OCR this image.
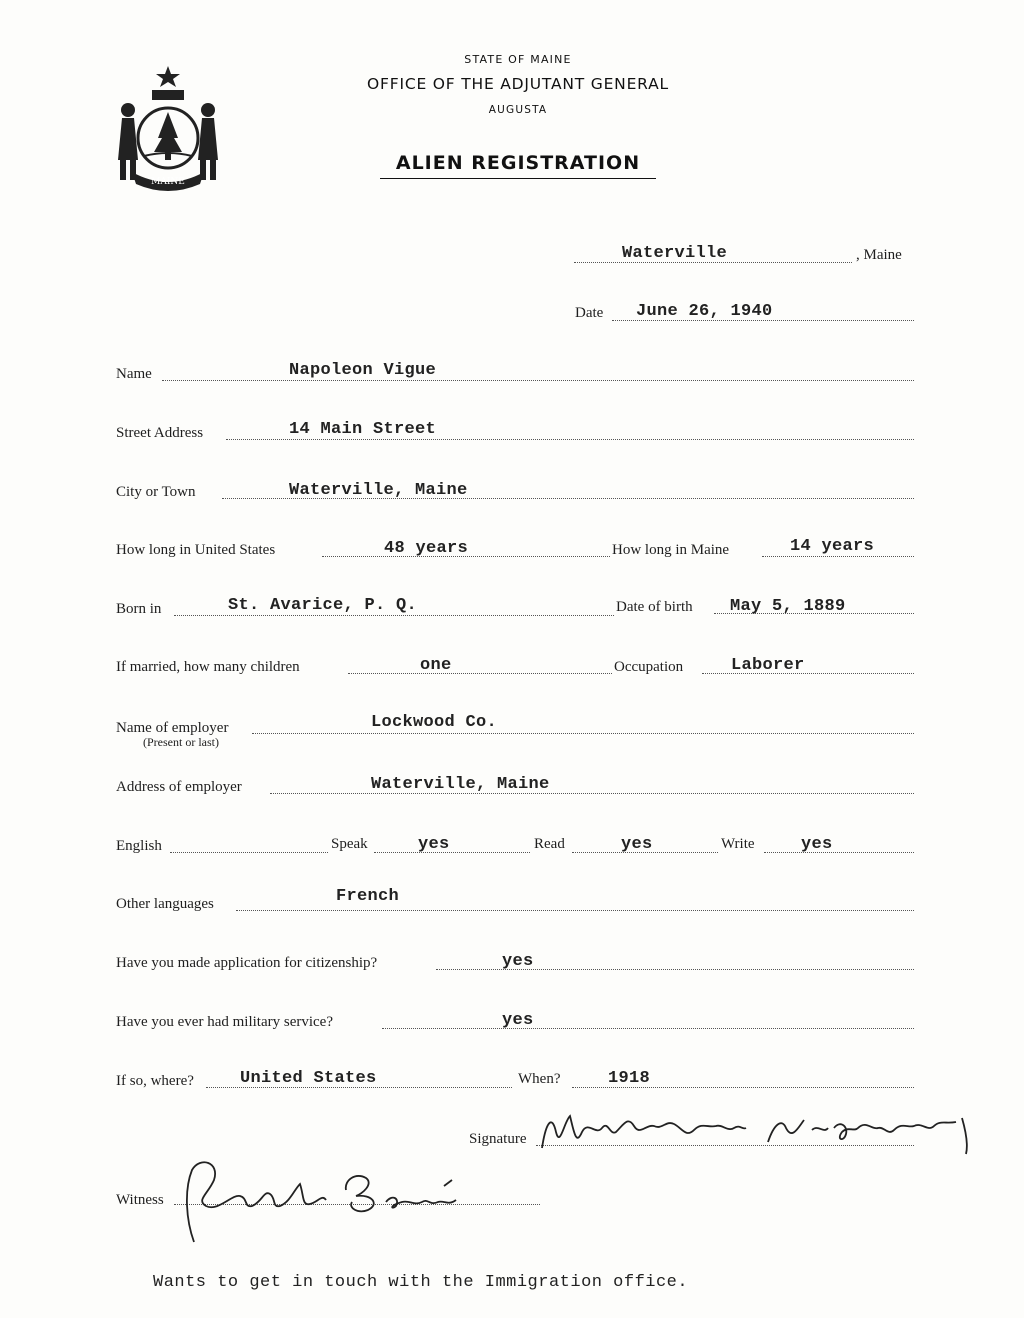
MAINE
STATE OF MAINE
OFFICE OF THE ADJUTANT GENERAL
AUGUSTA
ALIEN REGISTRATION
Waterville	, Maine
Date June 26, 1940
Name	Napoleon Vigue
Street Address	14 Main Street
City or Town	Waterville, Maine
How long in United States	48 years	How long in Maine	14 years
Born in	St. Avarice, P. Q.	Date of birth May 5, 1889
If married, how many children	one	Occupation	Laborer
Name of employer
(Present or last)
Lockwood Co.
Address of employer	Waterville, Maine
English	Speak	yes	Read	yes	Write	yes
Other languages	French
Have you made application for citizenship?	yes
Have you ever had military service?	yes
If so, where?	United States	When?	1918
Signature
Witness
Wants to get in touch with the Immigration office.
